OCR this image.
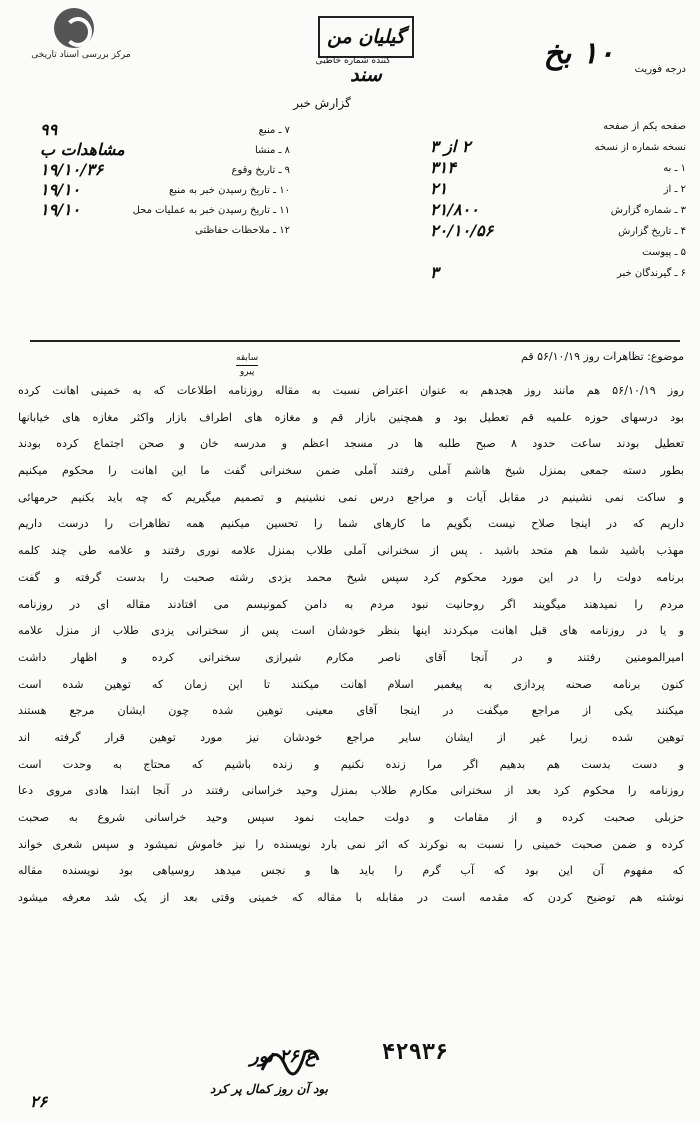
مرکز بررسی اسناد تاریخی
گیلیان من سند
کننده شماره خاطبی	۱۰ بخ درجه فوریت
گزارش خبر
۷ ـ منبع
۹۹
۸ ـ منشا
مشاهدات ب
۹ ـ تاریخ وقوع
۱۹/۱۰/۳۶
۱۰ ـ تاریخ رسیدن خبر به منبع
۱۹/۱۰
۱۱ ـ تاریخ رسیدن خبر به عملیات محل
۱۹/۱۰
۱۲ ـ ملاحظات حفاظتی
صفحه یکم از صفحه
نسخه شماره از نسخه
۲ از ۳
۱ ـ به
۳۱۴
۲ ـ از
۲۱
۳ ـ شماره گزارش
۲۱/۸۰۰
۴ ـ تاریخ گزارش
۲۰/۱۰/۵۶
۵ ـ پیوست
۶ ـ گیرندگان خبر
۳
موضوع: تظاهرات روز ۵۶/۱۰/۱۹ قم
سابقه
پیرو

روز ۵۶/۱۰/۱۹ هم مانند روز هجدهم به عنوان اعتراض نسبت به مقاله روزنامه اطلاعات که به خمینی اهانت کرده

بود درسهای حوزه علمیه قم تعطیل بود و همچنین بازار قم و مغازه های اطراف بازار واکثر مغازه های خیابانها

تعطیل بودند ساعت حدود ۸ صبح طلبه ها در مسجد اعظم و مدرسه خان و صحن اجتماع کرده بودند

بطور دسته جمعی بمنزل شیخ هاشم آملی رفتند آملی ضمن سخنرانی گفت ما این اهانت را محکوم میکنیم

و ساکت نمی نشینیم در مقابل آیات و مراجع درس نمی نشینیم و تصمیم میگیریم که چه باید بکنیم حرمهائی

داریم که در اینجا صلاح نیست بگویم ما کارهای شما را تحسین میکنیم همه تظاهرات را درست داریم

مهذب باشید شما هم متحد باشید . پس از سخنرانی آملی طلاب بمنزل علامه نوری رفتند و علامه طی چند کلمه

برنامه دولت را در این مورد محکوم کرد سپس شیخ محمد یزدی رشته صحبت را بدست گرفته و گفت

مردم را نمیدهند میگویند اگر روحانیت نبود مردم به دامن کمونیسم می افتادند مقاله ای در روزنامه

و یا در روزنامه های قبل اهانت میکردند اینها بنظر خودشان است پس از سخنرانی یزدی طلاب از منزل علامه

امیرالمومنین رفتند و در آنجا آقای ناصر مکارم شیرازی سخنرانی کرده و اظهار داشت

کنون برنامه صحنه پردازی به پیغمبر اسلام اهانت میکنند تا این زمان که توهین شده است

میکنند یکی از مراجع میگفت در اینجا آقای معینی توهین شده چون ایشان مرجع هستند

توهین شده زیرا غیر از ایشان سایر مراجع خودشان نیز مورد توهین قرار گرفته اند

و دست بدست هم بدهیم اگر مرا زنده نکنیم و زنده باشیم که محتاج به وحدت است

روزنامه را محکوم کرد بعد از سخنرانی مکارم طلاب بمنزل وحید خراسانی رفتند در آنجا ابتدا هادی مروی دعا

حزبلی صحبت کرده و از مقامات و دولت حمایت نمود سپس وحید خراسانی شروع به صحبت

کرده و ضمن صحبت خمینی را نسبت به نوکرند که اثر نمی بارد نویسنده را نیز خاموش نمیشود و سپس شعری خواند

که مفهوم آن این بود که آب گرم را باید ها و نجس میدهد روسیاهی بود نویسنده مقاله

نوشته هم توضیح کردن که مقدمه است در مقابله با مقاله که خمینی وقتی بعد از یک شد معرفه میشود

ع ۲۶ نور	۴۲۹۳۶
بود آن روز کمال پر کرد
۲۶
